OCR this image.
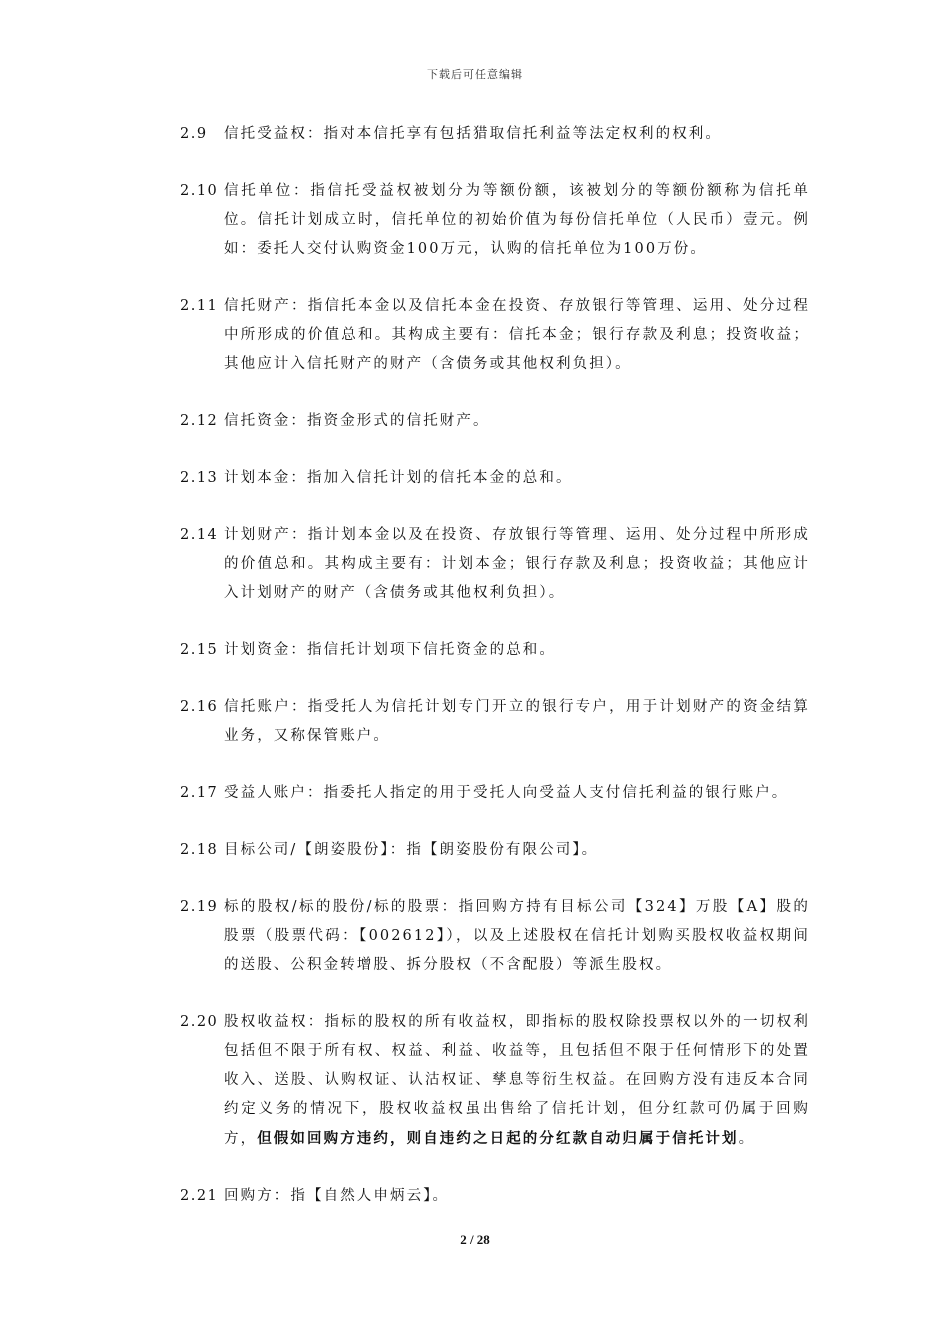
下载后可任意编辑
2.9	信托受益权：指对本信托享有包括猎取信托利益等法定权利的权利。
2.10 信托单位：指信托受益权被划分为等额份额，该被划分的等额份额称为信托单位。信托计划成立时，信托单位的初始价值为每份信托单位（人民币）壹元。例如：委托人交付认购资金100万元，认购的信托单位为100万份。
2.11 信托财产：指信托本金以及信托本金在投资、存放银行等管理、运用、处分过程中所形成的价值总和。其构成主要有：信托本金；银行存款及利息；投资收益；其他应计入信托财产的财产（含债务或其他权利负担）。
2.12 信托资金：指资金形式的信托财产。
2.13 计划本金：指加入信托计划的信托本金的总和。
2.14 计划财产：指计划本金以及在投资、存放银行等管理、运用、处分过程中所形成的价值总和。其构成主要有：计划本金；银行存款及利息；投资收益；其他应计入计划财产的财产（含债务或其他权利负担）。
2.15 计划资金：指信托计划项下信托资金的总和。
2.16 信托账户：指受托人为信托计划专门开立的银行专户，用于计划财产的资金结算业务，又称保管账户。
2.17 受益人账户：指委托人指定的用于受托人向受益人支付信托利益的银行账户。
2.18 目标公司/【朗姿股份】：指【朗姿股份有限公司】。
2.19 标的股权/标的股份/标的股票：指回购方持有目标公司【324】万股【A】股的股票（股票代码：【002612】），以及上述股权在信托计划购买股权收益权期间的送股、公积金转增股、拆分股权（不含配股）等派生股权。
2.20 股权收益权：指标的股权的所有收益权，即指标的股权除投票权以外的一切权利包括但不限于所有权、权益、利益、收益等，且包括但不限于任何情形下的处置收入、送股、认购权证、认沽权证、孳息等衍生权益。在回购方没有违反本合同约定义务的情况下，股权收益权虽出售给了信托计划，但分红款可仍属于回购方，但假如回购方违约，则自违约之日起的分红款自动归属于信托计划。
2.21 回购方：指【自然人申炳云】。
2 / 28
